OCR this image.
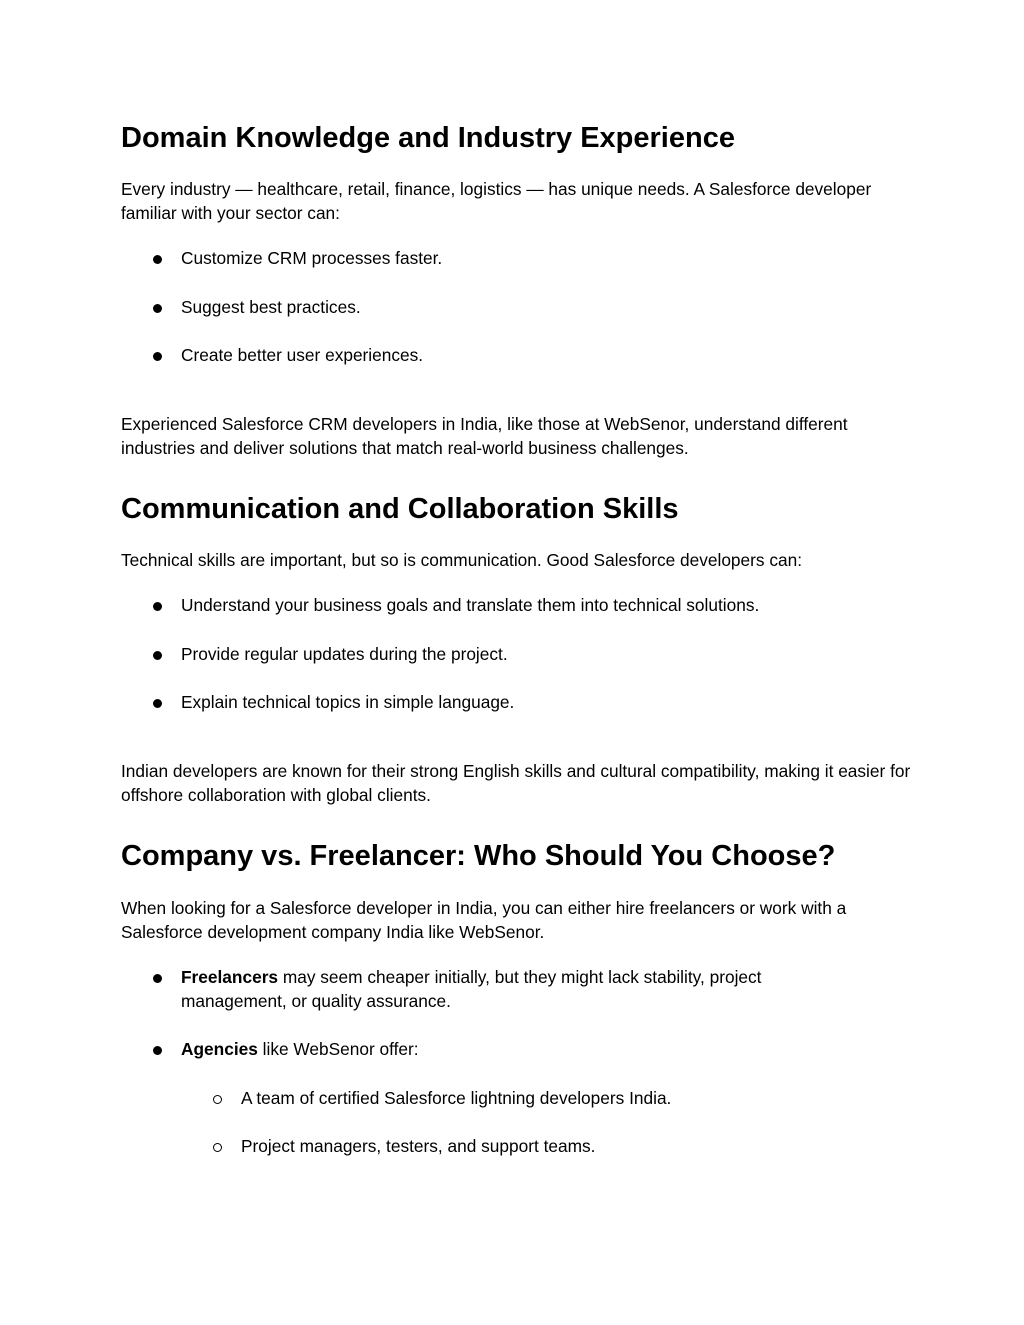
Domain Knowledge and Industry Experience

Every industry — healthcare, retail, finance, logistics — has unique needs. A Salesforce developer familiar with your sector can:

Customize CRM processes faster.
Suggest best practices.
Create better user experiences.

Experienced Salesforce CRM developers in India, like those at WebSenor, understand different industries and deliver solutions that match real-world business challenges.

Communication and Collaboration Skills

Technical skills are important, but so is communication. Good Salesforce developers can:

Understand your business goals and translate them into technical solutions.
Provide regular updates during the project.
Explain technical topics in simple language.

Indian developers are known for their strong English skills and cultural compatibility, making it easier for offshore collaboration with global clients.

Company vs. Freelancer: Who Should You Choose?

When looking for a Salesforce developer in India, you can either hire freelancers or work with a Salesforce development company India like WebSenor.

Freelancers may seem cheaper initially, but they might lack stability, project management, or quality assurance.
Agencies like WebSenor offer:
A team of certified Salesforce lightning developers India.
Project managers, testers, and support teams.
